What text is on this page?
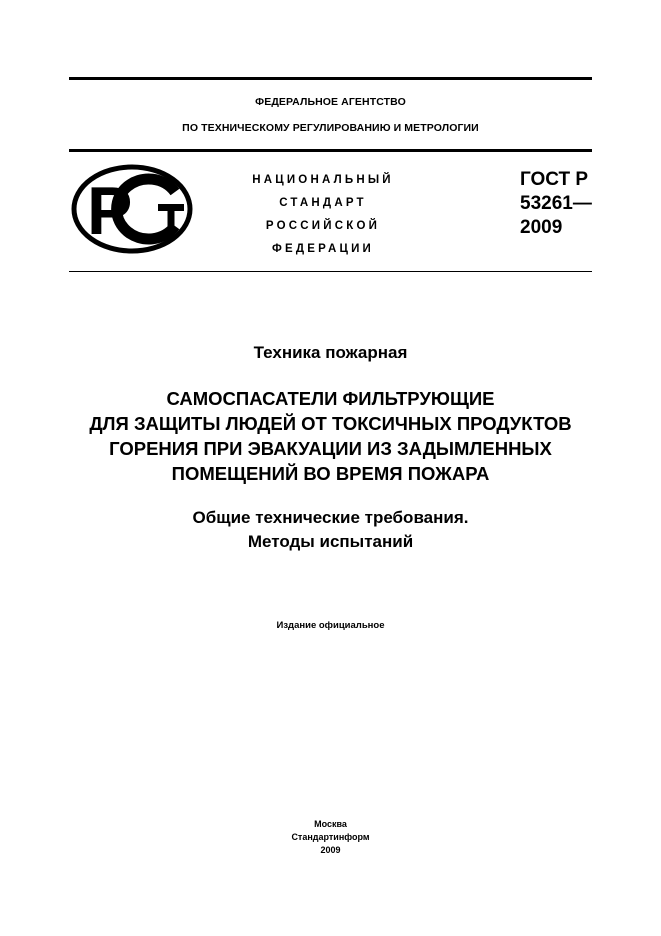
ФЕДЕРАЛЬНОЕ АГЕНТСТВО
ПО ТЕХНИЧЕСКОМУ РЕГУЛИРОВАНИЮ И МЕТРОЛОГИИ
Р	НАЦИОНАЛЬНЫЙ
СТАНДАРТ
РОССИЙСКОЙ
ФЕДЕРАЦИИ
ГОСТ Р
53261—
2009
Техника пожарная
САМОСПАСАТЕЛИ ФИЛЬТРУЮЩИЕ
ДЛЯ ЗАЩИТЫ ЛЮДЕЙ ОТ ТОКСИЧНЫХ ПРОДУКТОВ
ГОРЕНИЯ ПРИ ЭВАКУАЦИИ ИЗ ЗАДЫМЛЕННЫХ
ПОМЕЩЕНИЙ ВО ВРЕМЯ ПОЖАРА
Общие технические требования.
Методы испытаний
Издание официальное
Москва
Стандартинформ
2009
